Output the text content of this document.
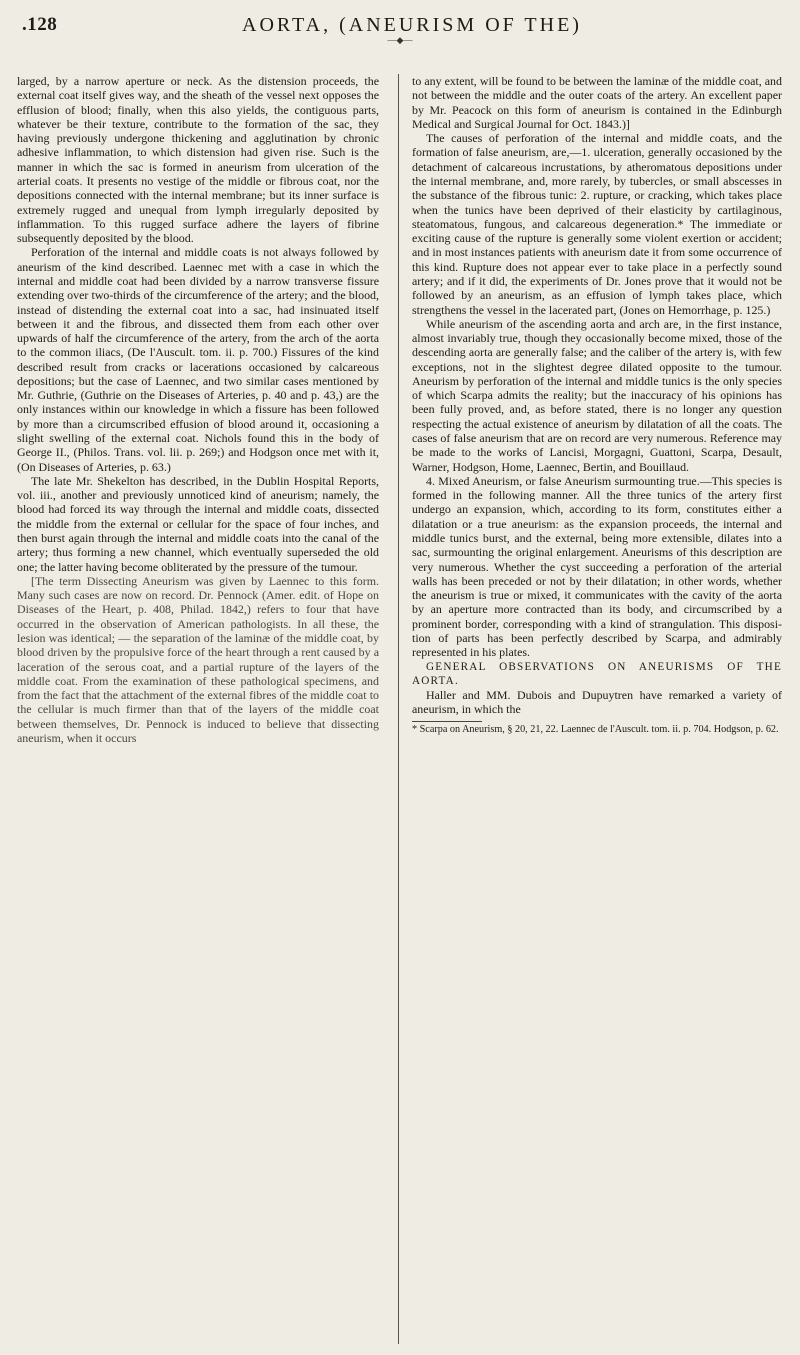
.128	AORTA, (ANEURISM OF THE)
—◆—

larged, by a narrow aperture or neck. As the distension proceeds, the external coat itself gives way, and the sheath of the vessel next opposes the efflusion of blood; finally, when this also yields, the contiguous parts, whatever be their texture, contribute to the formation of the sac, they having previously undergone thickening and agglutination by chronic adhesive inflammation, to which distension had given rise. Such is the manner in which the sac is formed in aneurism from ulceration of the arterial coats. It presents no vestige of the middle or fibrous coat, nor the depositions connected with the internal membrane; but its inner surface is extremely rugged and unequal from lymph irregularly deposited by inflammation. To this rugged surface adhere the layers of fibrine subsequently deposited by the blood.

Perforation of the internal and middle coats is not always followed by aneurism of the kind described. Laennec met with a case in which the internal and middle coat had been divided by a narrow transverse fissure extending over two-thirds of the circumference of the artery; and the blood, instead of distending the external coat into a sac, had insinuated itself between it and the fibrous, and dissected them from each other over upwards of half the circumference of the artery, from the arch of the aorta to the common iliacs, (De l'Auscult. tom. ii. p. 700.) Fissures of the kind described result from cracks or lacerations occasioned by calcareous depositions; but the case of Laennec, and two similar cases mentioned by Mr. Guthrie, (Guthrie on the Diseases of Arteries, p. 40 and p. 43,) are the only instances within our knowledge in which a fissure has been followed by more than a circumscribed effusion of blood around it, occasioning a slight swelling of the external coat. Nichols found this in the body of George II., (Philos. Trans. vol. lii. p. 269;) and Hodgson once met with it, (On Diseases of Arteries, p. 63.)

The late Mr. Shekelton has described, in the Dublin Hospital Reports, vol. iii., another and previously unnoticed kind of aneurism; namely, the blood had forced its way through the internal and middle coats, dissected the middle from the external or cellular for the space of four inches, and then burst again through the internal and middle coats into the canal of the artery; thus forming a new channel, which eventually superseded the old one; the latter having become obliterated by the pressure of the tumour.

[The term Dissecting Aneurism was given by Laennec to this form. Many such cases are now on record. Dr. Pennock (Amer. edit. of Hope on Diseases of the Heart, p. 408, Philad. 1842,) refers to four that have occurred in the observation of American pathologists. In all these, the lesion was identical; — the separation of the laminæ of the middle coat, by blood driven by the propulsive force of the heart through a rent caused by a laceration of the serous coat, and a partial rupture of the layers of the middle coat. From the examination of these pathological specimens, and from the fact that the attachment of the external fibres of the middle coat to the cellular is much firmer than that of the layers of the middle coat between themselves, Dr. Pennock is induced to believe that dissecting aneurism, when it occurs

to any extent, will be found to be between the laminæ of the middle coat, and not between the middle and the outer coats of the artery. An excellent paper by Mr. Peacock on this form of aneurism is contained in the Edinburgh Medical and Surgical Journal for Oct. 1843.)]

The causes of perforation of the internal and middle coats, and the formation of false aneurism, are,—1. ulceration, generally occasioned by the detachment of calcareous incrustations, by atheromatous depositions under the internal membrane, and, more rarely, by tubercles, or small abscesses in the substance of the fibrous tunic: 2. rupture, or cracking, which takes place when the tunics have been deprived of their elasticity by cartilaginous, steatomatous, fungous, and calcareous degeneration.* The immediate or exciting cause of the rupture is generally some violent exertion or accident; and in most instances patients with aneurism date it from some occurrence of this kind. Rupture does not appear ever to take place in a perfectly sound artery; and if it did, the experiments of Dr. Jones prove that it would not be followed by an aneurism, as an effusion of lymph takes place, which strengthens the vessel in the lacerated part, (Jones on Hemorrhage, p. 125.)

While aneurism of the ascending aorta and arch are, in the first instance, almost invariably true, though they occasionally become mixed, those of the descending aorta are generally false; and the caliber of the artery is, with few exceptions, not in the slightest degree dilated opposite to the tumour. Aneurism by perforation of the internal and middle tunics is the only species of which Scarpa admits the reality; but the inaccuracy of his opinions has been fully proved, and, as before stated, there is no longer any question respecting the actual existence of aneurism by dilatation of all the coats. The cases of false aneurism that are on record are very numerous. Reference may be made to the works of Lancisi, Morgagni, Guattoni, Scarpa, Desault, Warner, Hodgson, Home, Laennec, Bertin, and Bouillaud.

4. Mixed Aneurism, or false Aneurism surmounting true.—This species is formed in the following manner. All the three tunics of the artery first undergo an expansion, which, according to its form, constitutes either a dilatation or a true aneurism: as the expansion proceeds, the internal and middle tunics burst, and the external, being more extensible, dilates into a sac, surmounting the original enlargement. Aneurisms of this description are very numerous. Whether the cyst succeeding a perforation of the arterial walls has been preceded or not by their dilatation; in other words, whether the aneurism is true or mixed, it communicates with the cavity of the aorta by an aperture more contracted than its body, and circumscribed by a prominent border, corresponding with a kind of strangulation. This disposition of parts has been perfectly described by Scarpa, and admirably represented in his plates.

GENERAL OBSERVATIONS ON ANEURISMS OF THE AORTA.

Haller and MM. Dubois and Dupuytren have remarked a variety of aneurism, in which the

* Scarpa on Aneurism, § 20, 21, 22. Laennec de l'Auscult. tom. ii. p. 704. Hodgson, p. 62.
